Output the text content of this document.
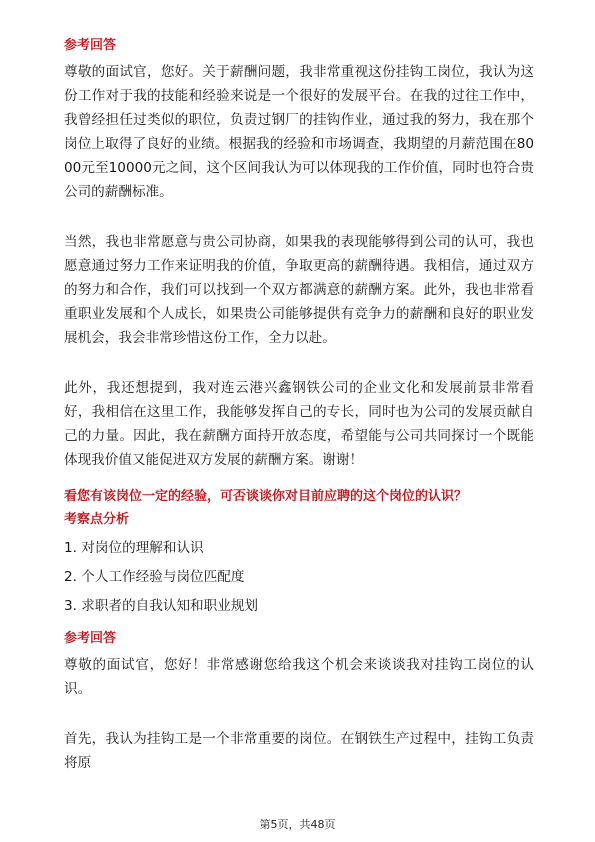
参考回答

尊敬的面试官，您好。关于薪酬问题，我非常重视这份挂钩工岗位，我认为这份工作对于我的技能和经验来说是一个很好的发展平台。在我的过往工作中，我曾经担任过类似的职位，负责过钢厂的挂钩作业，通过我的努力，我在那个岗位上取得了良好的业绩。根据我的经验和市场调查，我期望的月薪范围在8000元至10000元之间，这个区间我认为可以体现我的工作价值，同时也符合贵公司的薪酬标准。

当然，我也非常愿意与贵公司协商，如果我的表现能够得到公司的认可，我也愿意通过努力工作来证明我的价值，争取更高的薪酬待遇。我相信，通过双方的努力和合作，我们可以找到一个双方都满意的薪酬方案。此外，我也非常看重职业发展和个人成长，如果贵公司能够提供有竞争力的薪酬和良好的职业发展机会，我会非常珍惜这份工作，全力以赴。

此外，我还想提到，我对连云港兴鑫钢铁公司的企业文化和发展前景非常看好，我相信在这里工作，我能够发挥自己的专长，同时也为公司的发展贡献自己的力量。因此，我在薪酬方面持开放态度，希望能与公司共同探讨一个既能体现我价值又能促进双方发展的薪酬方案。谢谢！

看您有该岗位一定的经验，可否谈谈你对目前应聘的这个岗位的认识？

考察点分析

1. 对岗位的理解和认识

2. 个人工作经验与岗位匹配度

3. 求职者的自我认知和职业规划

参考回答

尊敬的面试官，您好！非常感谢您给我这个机会来谈谈我对挂钩工岗位的认识。

首先，我认为挂钩工是一个非常重要的岗位。在钢铁生产过程中，挂钩工负责将原

第5页，共48页
